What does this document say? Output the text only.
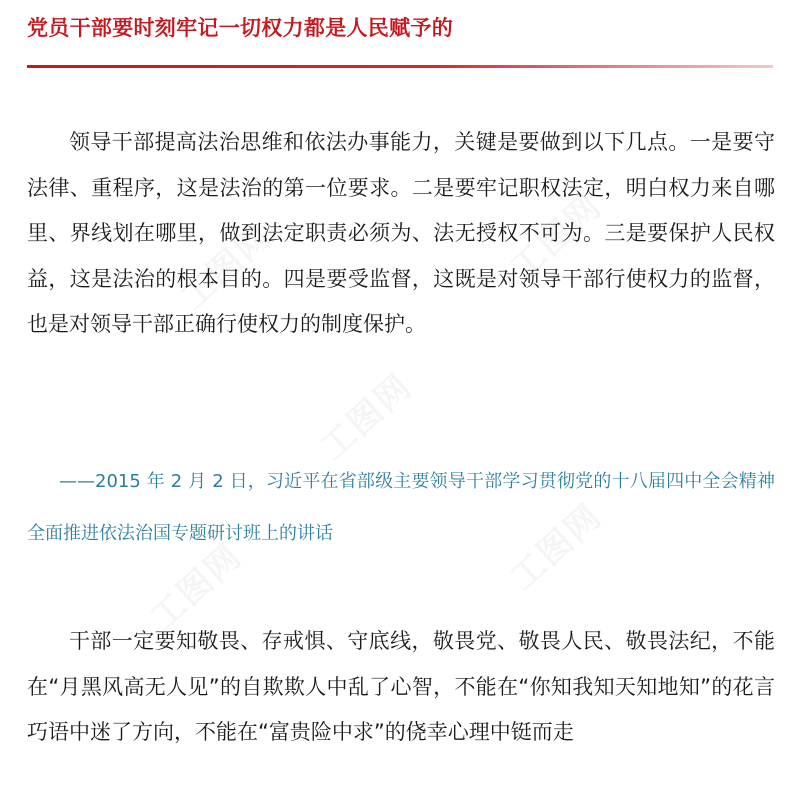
工图网	工图网
工图网
工图网	工图网
党员干部要时刻牢记一切权力都是人民赋予的

领导干部提高法治思维和依法办事能力，关键是要做到以下几点。一是要守法律、重程序，这是法治的第一位要求。二是要牢记职权法定，明白权力来自哪里、界线划在哪里，做到法定职责必须为、法无授权不可为。三是要保护人民权益，这是法治的根本目的。四是要受监督，这既是对领导干部行使权力的监督，也是对领导干部正确行使权力的制度保护。

——2015 年 2 月 2 日，习近平在省部级主要领导干部学习贯彻党的十八届四中全会精神全面推进依法治国专题研讨班上的讲话

干部一定要知敬畏、存戒惧、守底线，敬畏党、敬畏人民、敬畏法纪，不能在“月黑风高无人见”的自欺欺人中乱了心智，不能在“你知我知天知地知”的花言巧语中迷了方向，不能在“富贵险中求”的侥幸心理中铤而走
